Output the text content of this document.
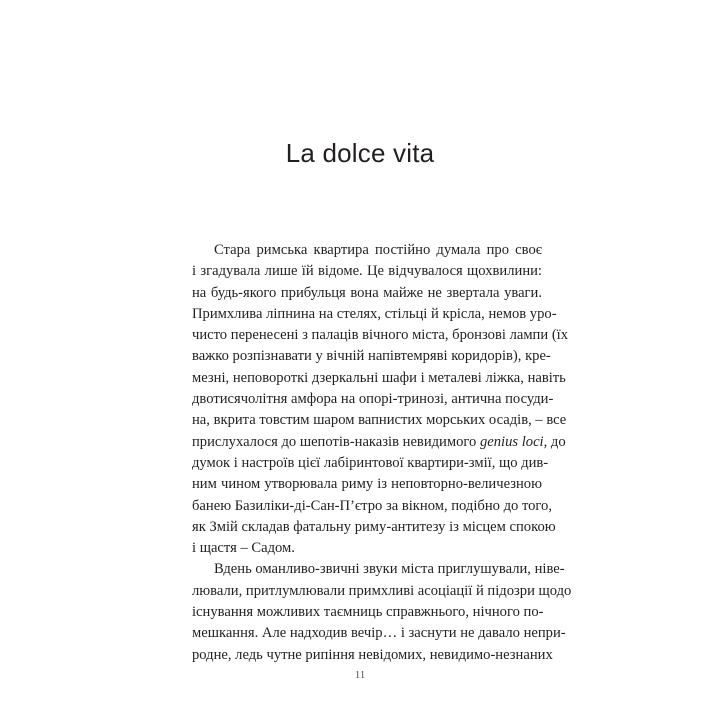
La dolce vita
Стара римська квартира постійно думала про своє
і згадувала лише їй відоме. Це відчувалося щохвилини:
на будь-якого прибульця вона майже не звертала уваги.
Примхлива ліпнина на стелях, стільці й крісла, немов уро-
чисто перенесені з палаців вічного міста, бронзові лампи (їх
важко розпізнавати у вічній напівтемряві коридорів), кре-
мезні, неповороткі дзеркальні шафи і металеві ліжка, навіть
двотисячолітня амфора на опорі-тринозі, антична посуди-
на, вкрита товстим шаром вапнистих морських осадів, – все
прислухалося до шепотів-наказів невидимого genius loci, до
думок і настроїв цієї лабіринтової квартири-змії, що див-
ним чином утворювала риму із неповторно-величезною
банею Базиліки-ді-Сан-П’єтро за вікном, подібно до того,
як Змій складав фатальну риму-антитезу із місцем спокою
і щастя – Садом.
Вдень оманливо-звичні звуки міста приглушували, ніве-
лювали, притлумлювали примхливі асоціації й підозри щодо
існування можливих таємниць справжнього, нічного по-
мешкання. Але надходив вечір… і заснути не давало непри-
родне, ледь чутне рипіння невідомих, невидимо-незнаних
11
